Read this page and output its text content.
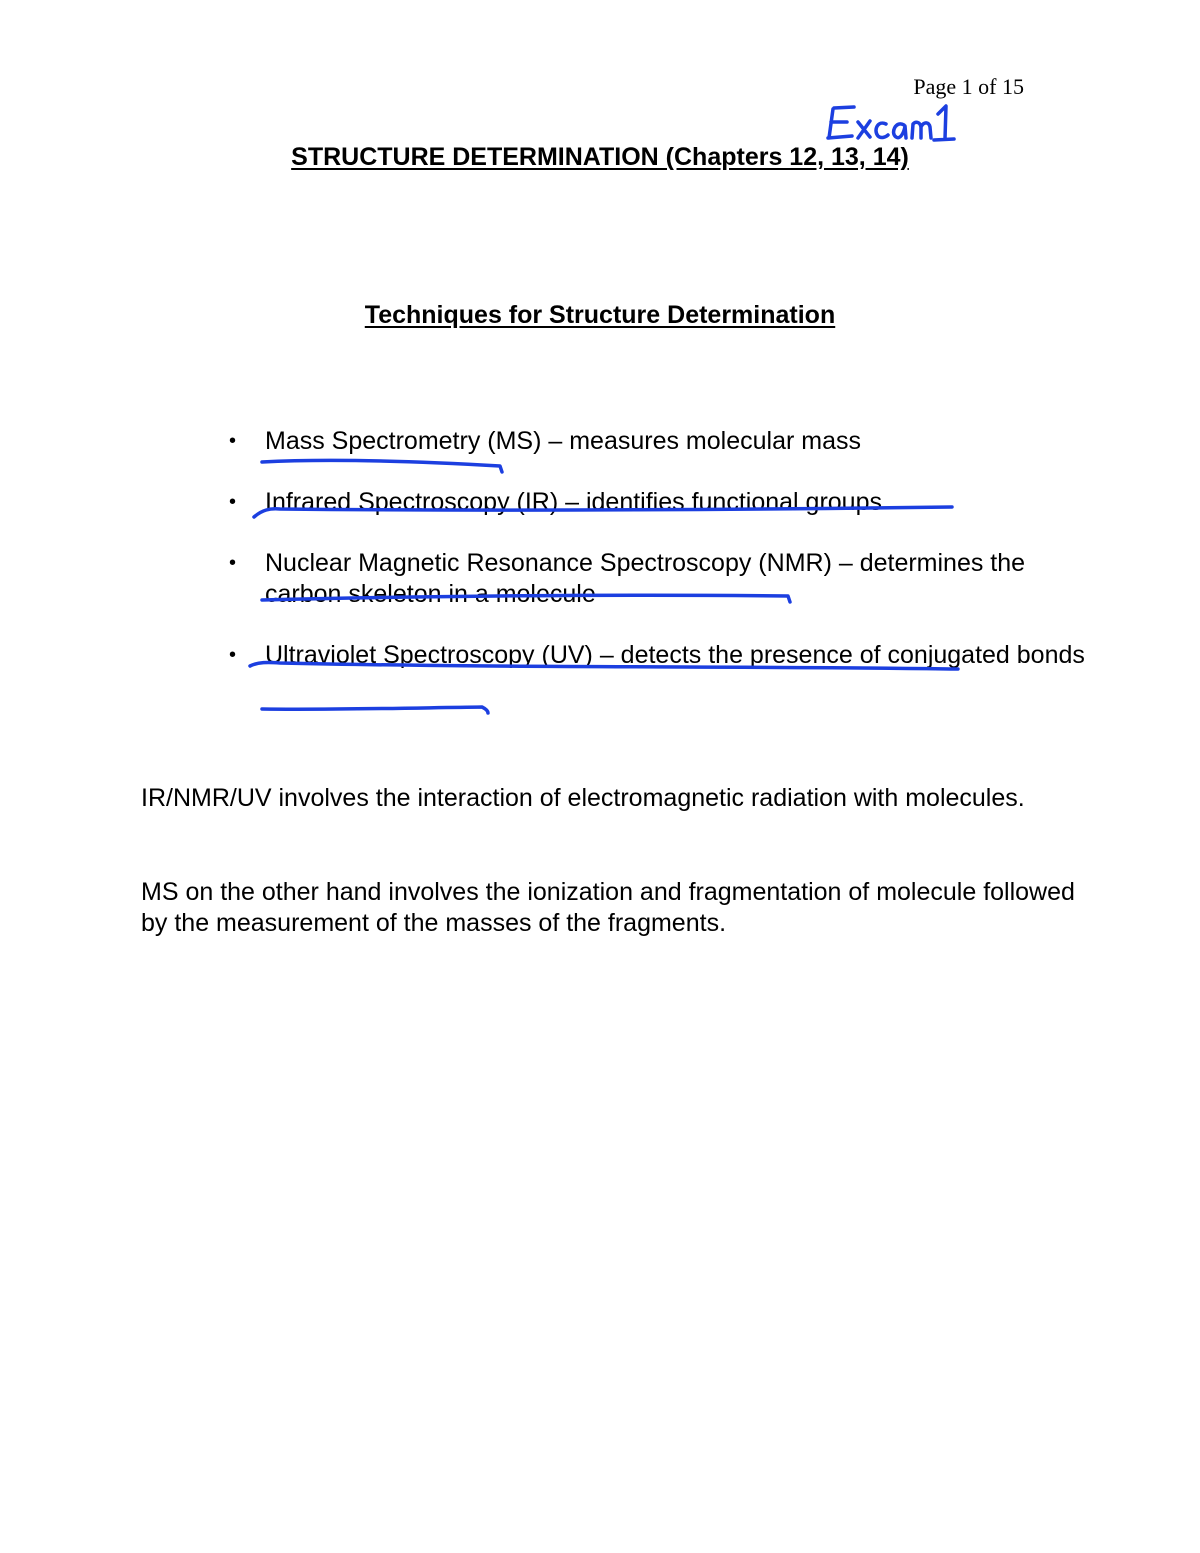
Page 1 of 15
STRUCTURE DETERMINATION (Chapters 12, 13, 14)
Techniques for Structure Determination
• Mass Spectrometry (MS) – measures molecular mass
• Infrared Spectroscopy (IR) – identifies functional groups
• Nuclear Magnetic Resonance Spectroscopy (NMR) – determines the carbon skeleton in a molecule
• Ultraviolet Spectroscopy (UV) – detects the presence of conjugated bonds

IR/NMR/UV involves the interaction of electromagnetic radiation with molecules.

MS on the other hand involves the ionization and fragmentation of molecule followed by the measurement of the masses of the fragments.
